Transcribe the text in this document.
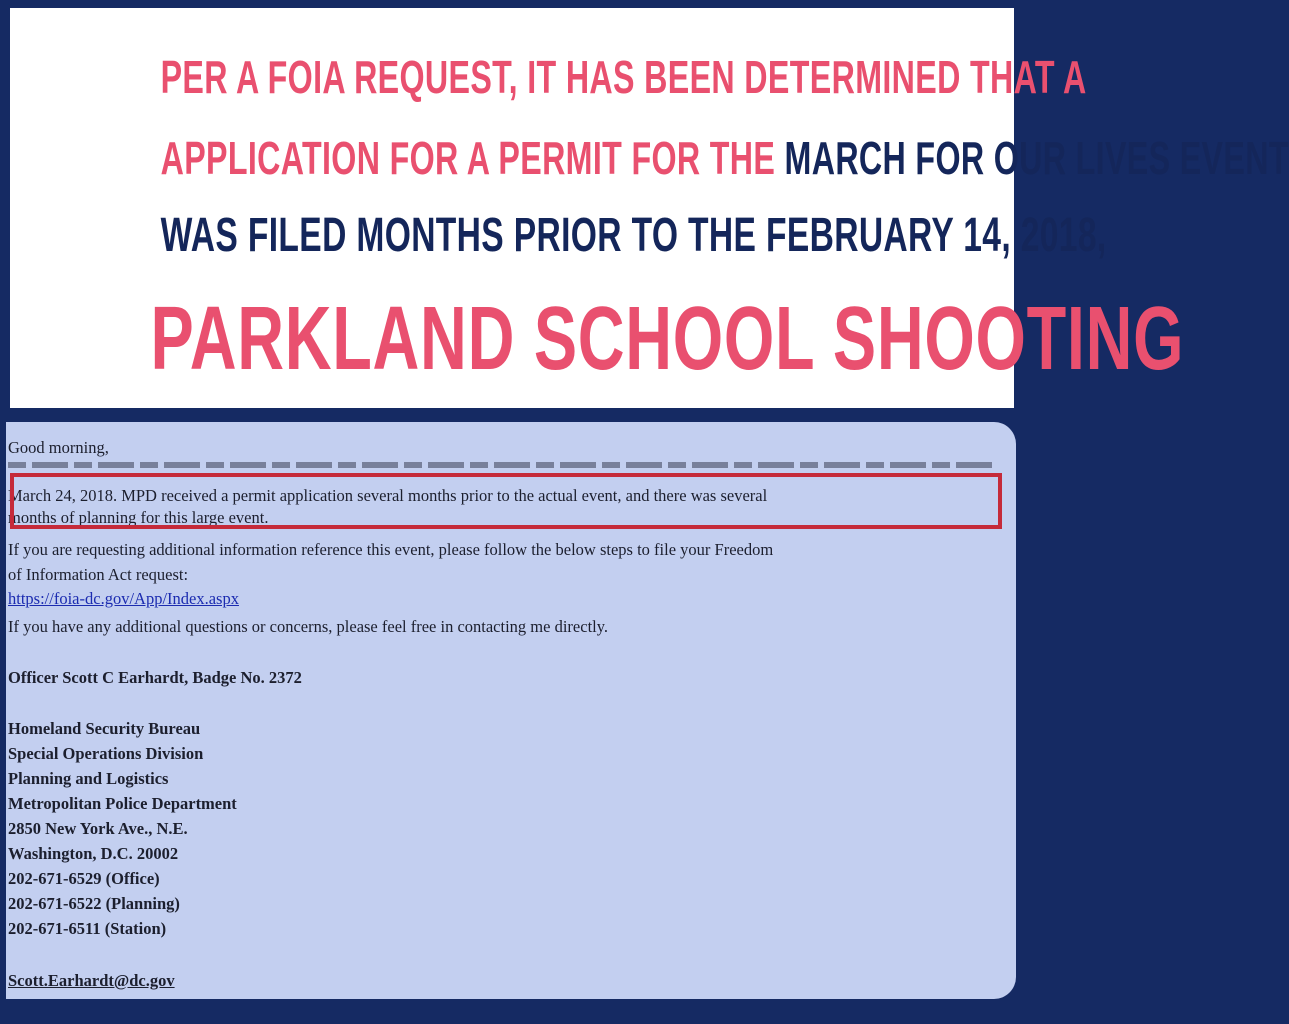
PER A FOIA REQUEST, IT HAS BEEN DETERMINED THAT A
APPLICATION FOR A PERMIT FOR THE MARCH FOR OUR LIVES EVENT
WAS FILED MONTHS PRIOR TO THE FEBRUARY 14, 2018,
PARKLAND SCHOOL SHOOTING
Good morning,
March 24, 2018. MPD received a permit application several months prior to the actual event, and there was several
months of planning for this large event.
If you are requesting additional information reference this event, please follow the below steps to file your Freedom
of Information Act request:
https://foia-dc.gov/App/Index.aspx
If you have any additional questions or concerns, please feel free in contacting me directly.
Officer Scott C Earhardt, Badge No. 2372
Homeland Security Bureau
Special Operations Division
Planning and Logistics
Metropolitan Police Department
2850 New York Ave., N.E.
Washington, D.C. 20002
202-671-6529 (Office)
202-671-6522 (Planning)
202-671-6511 (Station)
Scott.Earhardt@dc.gov
